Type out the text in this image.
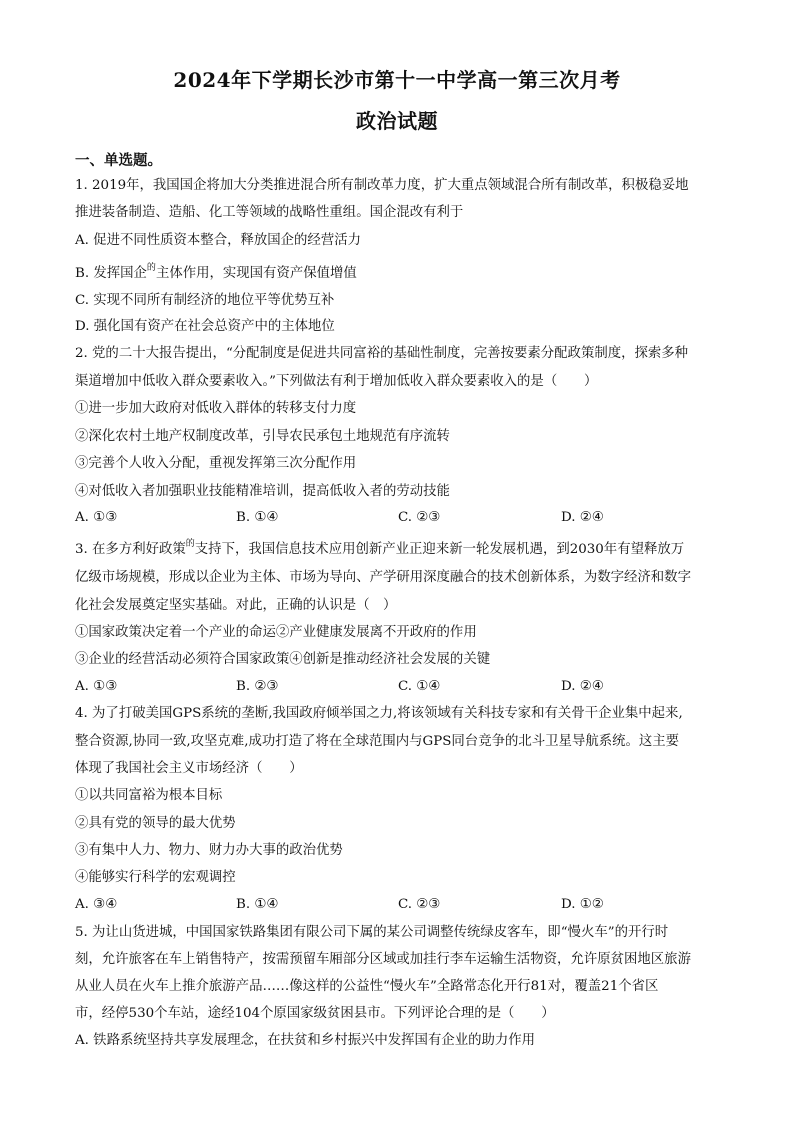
2024年下学期长沙市第十一中学高一第三次月考
政治试题
一、单选题。
1. 2019年，我国国企将加大分类推进混合所有制改革力度，扩大重点领域混合所有制改革，积极稳妥地
推进装备制造、造船、化工等领域的战略性重组。国企混改有利于
A. 促进不同性质资本整合，释放国企的经营活力
B. 发挥国企$^的$主体作用，实现国有资产保值增值
C. 实现不同所有制经济的地位平等优势互补
D. 强化国有资产在社会总资产中的主体地位
2. 党的二十大报告提出，“分配制度是促进共同富裕的基础性制度，完善按要素分配政策制度，探索多种
渠道增加中低收入群众要素收入。”下列做法有利于增加低收入群众要素收入的是（　　）
①进一步加大政府对低收入群体的转移支付力度
②深化农村土地产权制度改革，引导农民承包土地规范有序流转
③完善个人收入分配，重视发挥第三次分配作用
④对低收入者加强职业技能精准培训，提高低收入者的劳动技能
A. ①③	B. ①④	C. ②③	D. ②④
3. 在多方利好政策$^的$支持下，我国信息技术应用创新产业正迎来新一轮发展机遇，到2030年有望释放万
亿级市场规模，形成以企业为主体、市场为导向、产学研用深度融合的技术创新体系，为数字经济和数字
化社会发展奠定坚实基础。对此，正确的认识是（　）
①国家政策决定着一个产业的命运②产业健康发展离不开政府的作用
③企业的经营活动必须符合国家政策④创新是推动经济社会发展的关键
A. ①③	B. ②③	C. ①④	D. ②④
4. 为了打破美国GPS系统的垄断,我国政府倾举国之力,将该领域有关科技专家和有关骨干企业集中起来,
整合资源,协同一致,攻坚克难,成功打造了将在全球范围内与GPS同台竞争的北斗卫星导航系统。这主要
体现了我国社会主义市场经济（　　）
①以共同富裕为根本目标
②具有党的领导的最大优势
③有集中人力、物力、财力办大事的政治优势
④能够实行科学的宏观调控
A. ③④	B. ①④	C. ②③	D. ①②
5. 为让山货进城，中国国家铁路集团有限公司下属的某公司调整传统绿皮客车，即“慢火车”的开行时
刻，允许旅客在车上销售特产，按需预留车厢部分区域或加挂行李车运输生活物资，允许原贫困地区旅游
从业人员在火车上推介旅游产品……像这样的公益性“慢火车”全路常态化开行81对，覆盖21个省区
市，经停530个车站，途经104个原国家级贫困县市。下列评论合理的是（　　）
A. 铁路系统坚持共享发展理念，在扶贫和乡村振兴中发挥国有企业的助力作用
